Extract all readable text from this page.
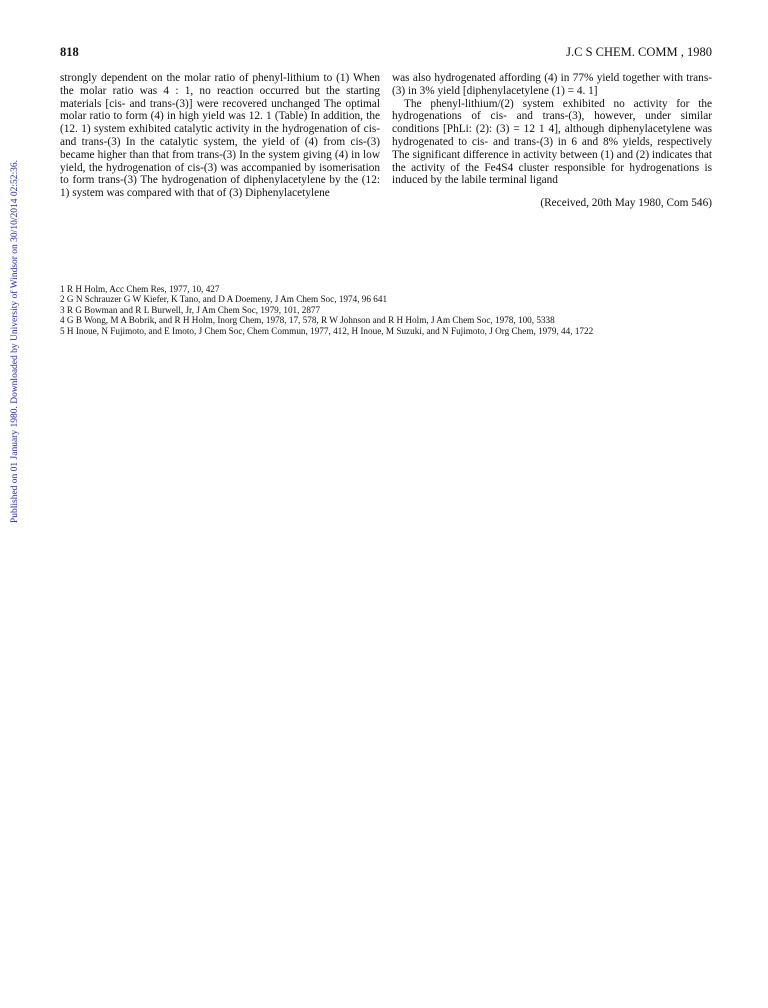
Published on 01 January 1980. Downloaded by University of Windsor on 30/10/2014 02:52:36.
818	J.C S CHEM. COMM , 1980

strongly dependent on the molar ratio of phenyl-lithium to (1) When the molar ratio was 4 : 1, no reaction occurred but the starting materials [cis- and trans-(3)] were recovered unchanged The optimal molar ratio to form (4) in high yield was 12. 1 (Table) In addition, the (12. 1) system exhibited catalytic activity in the hydrogenation of cis- and trans-(3) In the catalytic system, the yield of (4) from cis-(3) became higher than that from trans-(3) In the system giving (4) in low yield, the hydrogenation of cis-(3) was accompanied by isomerisation to form trans-(3) The hydrogenation of diphenylacetylene by the (12: 1) system was compared with that of (3) Diphenylacetylene

was also hydrogenated affording (4) in 77% yield together with trans-(3) in 3% yield [diphenylacetylene (1) = 4. 1]

The phenyl-lithium/(2) system exhibited no activity for the hydrogenations of cis- and trans-(3), however, under similar conditions [PhLi: (2): (3) = 12 1 4], although diphenylacetylene was hydrogenated to cis- and trans-(3) in 6 and 8% yields, respectively The significant difference in activity between (1) and (2) indicates that the activity of the Fe4S4 cluster responsible for hydrogenations is induced by the labile terminal ligand

(Received, 20th May 1980, Com 546)
1 R H Holm, Acc Chem Res, 1977, 10, 427
2 G N Schrauzer G W Kiefer, K Tano, and D A Doemeny, J Am Chem Soc, 1974, 96 641
3 R G Bowman and R L Burwell, Jr, J Am Chem Soc, 1979, 101, 2877
4 G B Wong, M A Bobrik, and R H Holm, Inorg Chem, 1978, 17, 578, R W Johnson and R H Holm, J Am Chem Soc, 1978, 100, 5338
5 H Inoue, N Fujimoto, and E Imoto, J Chem Soc, Chem Commun, 1977, 412, H Inoue, M Suzuki, and N Fujimoto, J Org Chem, 1979, 44, 1722
